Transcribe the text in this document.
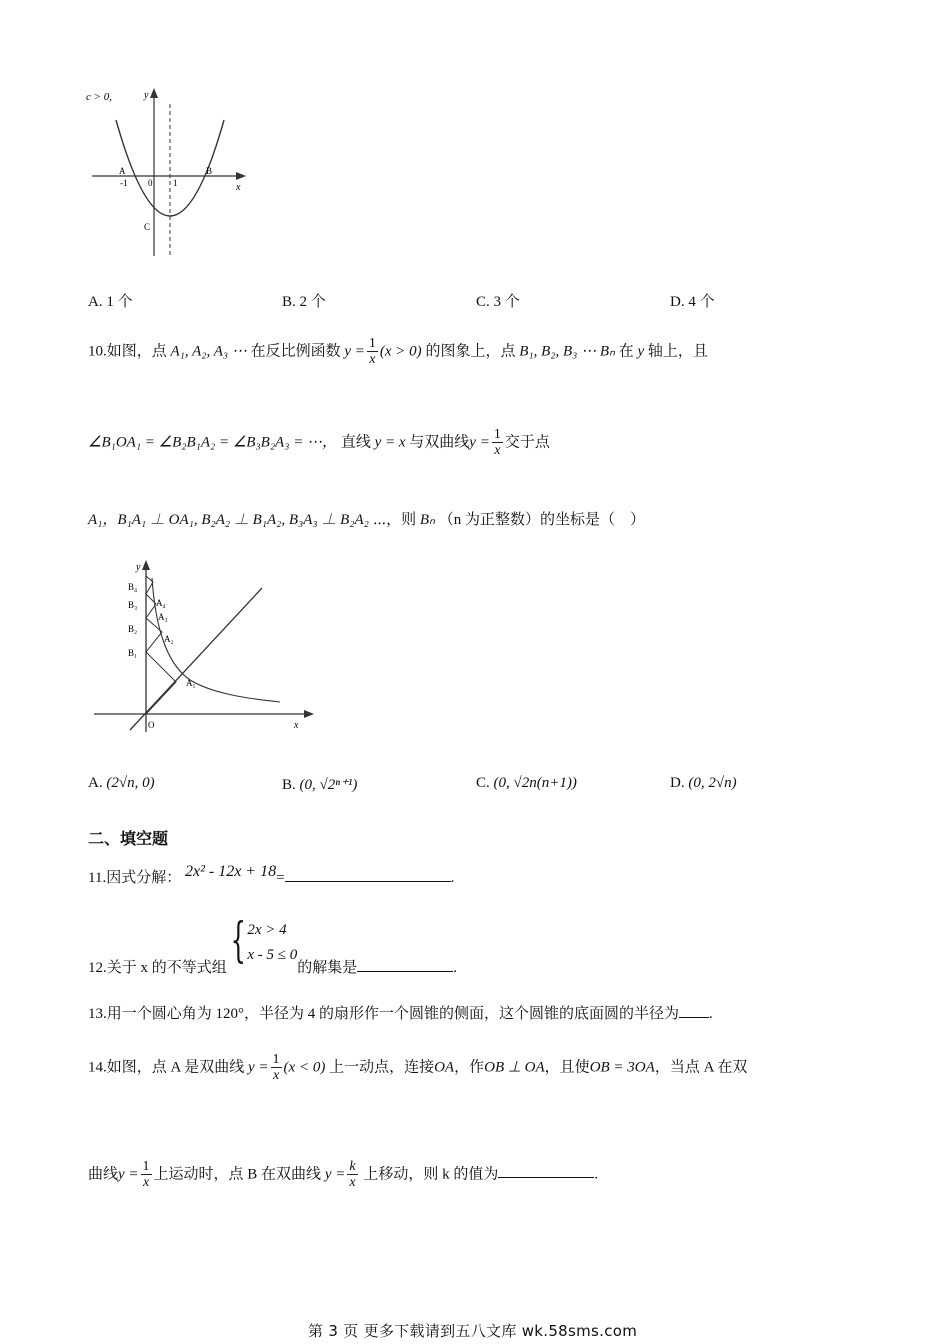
c > 0,	y
x
A	B
C
0
-1	1
A. 1 个	B. 2 个	C. 3 个	D. 4 个
10.如图，点 A₁, A₂, A₃ ⋯ 在反比例函数 $y = \frac{1}{x} (x > 0)$ 的图象上，点 B₁, B₂, B₃ ⋯ Bₙ 在 y 轴上，且
∠B₁OA₁ = ∠B₂B₁A₂ = ∠B₃B₂A₃ = ⋯， 直线 y = x 与双曲线$y = \frac{1}{x}$ 交于点
A₁，B₁A₁ ⊥ OA₁, B₂A₂ ⊥ B₁A₂, B₃A₃ ⊥ B₂A₂ ⋯，则 Bₙ （n 为正整数）的坐标是（　）
y
x
O
B₄
B₃
B₂
B₁
A₄
A₃
A₂
A₁
A. (2√n, 0)	B. (0, √2ⁿ⁺¹)	C. (0, √2n(n+1))	D. (0, 2√n)
二、填空题
11.因式分解： 2x² - 12x + 18=	.
12.关于 x 的不等式组{ 2x > 4
x - 5 ≤ 0
的解集是	.
13.用一个圆心角为 120°，半径为 4 的扇形作一个圆锥的侧面，这个圆锥的底面圆的半径为 .
14.如图，点 A 是双曲线 $y = \frac{1}{x} (x < 0)$ 上一动点，连接OA，作OB ⊥ OA，且使OB = 3OA，当点 A 在双
曲线$y = \frac{1}{x}$ 上运动时，点 B 在双曲线 $y = \frac{k}{x}$ 上移动，则 k 的值为	.
第 3 页 更多下载请到五八文库 wk.58sms.com
